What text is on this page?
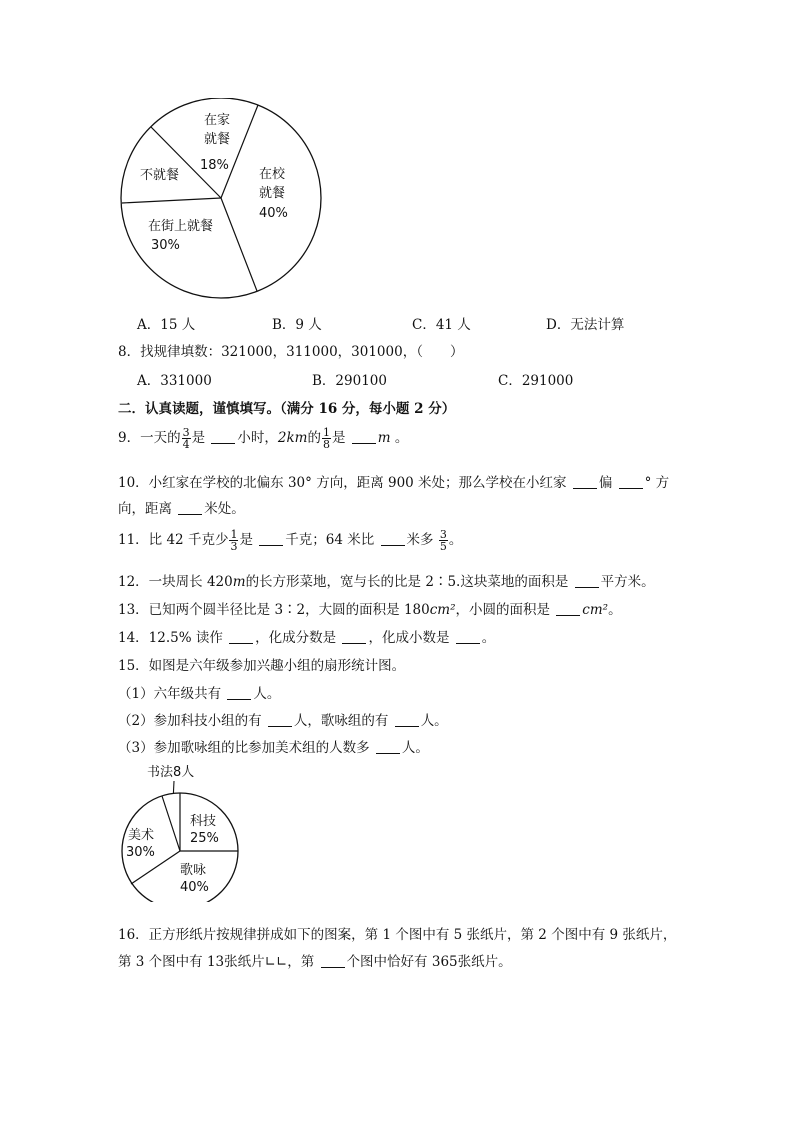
在家
就餐
18%
在校
就餐
40%
在街上就餐
30%
不就餐
A．15 人	B．9 人	C．41 人	D．无法计算
8．找规律填数：321000，311000，301000，（　　）
A．331000	B．290100	C．291000
二．认真读题，谨慎填写。（满分 16 分，每小题 2 分）
9．一天的 $\frac{3}{4}$ 是 小时，2km的 $\frac{1}{8}$ 是 m 。
10．小红家在学校的北偏东 30° 方向，距离 900 米处；那么学校在小红家 偏 ° 方
向，距离 米处。
11．比 42 千克少 $\frac{1}{3}$ 是 千克；64 米比 米多 $\frac{3}{5}$ 。
12．一块周长 420m的长方形菜地，宽与长的比是 2∶5.这块菜地的面积是 平方米。
13．已知两个圆半径比是 3∶2，大圆的面积是 180cm²，小圆的面积是 cm²。
14．12.5% 读作 ，化成分数是 ，化成小数是 。
15．如图是六年级参加兴趣小组的扇形统计图。
（1）六年级共有 人。
（2）参加科技小组的有 人，歌咏组的有 人。
（3）参加歌咏组的比参加美术组的人数多 人。
书法8人
科技
25%
歌咏
40%
美术
30%
16．正方形纸片按规律拼成如下的图案，第 1 个图中有 5 张纸片，第 2 个图中有 9 张纸片，
第 3 个图中有 13张纸片∟∟，第 个图中恰好有 365张纸片。
